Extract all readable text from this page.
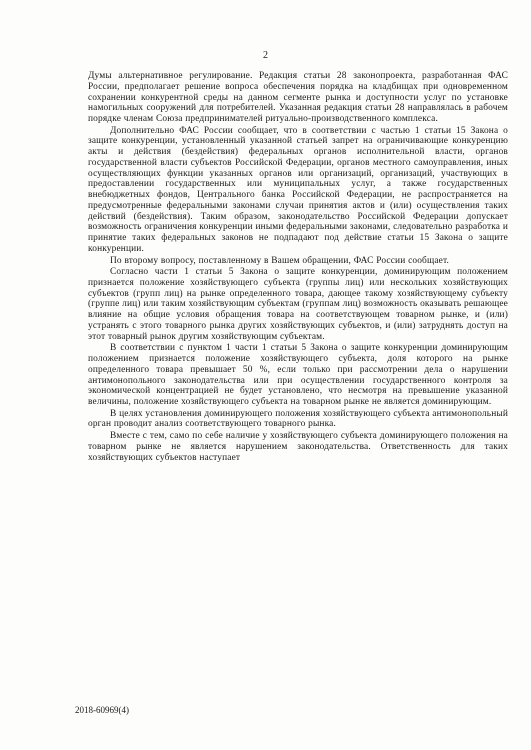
2

Думы альтернативное регулирование. Редакция статьи 28 законопроекта, разработанная ФАС России, предполагает решение вопроса обеспечения порядка на кладбищах при одновременном сохранении конкурентной среды на данном сегменте рынка и доступности услуг по установке намогильных сооружений для потребителей. Указанная редакция статьи 28 направлялась в рабочем порядке членам Союза предпринимателей ритуально-производственного комплекса.

Дополнительно ФАС России сообщает, что в соответствии с частью 1 статьи 15 Закона о защите конкуренции, установленный указанной статьей запрет на ограничивающие конкуренцию акты и действия (бездействия) федеральных органов исполнительной власти, органов государственной власти субъектов Российской Федерации, органов местного самоуправления, иных осуществляющих функции указанных органов или организаций, организаций, участвующих в предоставлении государственных или муниципальных услуг, а также государственных внебюджетных фондов, Центрального банка Российской Федерации, не распространяется на предусмотренные федеральными законами случаи принятия актов и (или) осуществления таких действий (бездействия). Таким образом, законодательство Российской Федерации допускает возможность ограничения конкуренции иными федеральными законами, следовательно разработка и принятие таких федеральных законов не подпадают под действие статьи 15 Закона о защите конкуренции.

По второму вопросу, поставленному в Вашем обращении, ФАС России сообщает.

Согласно части 1 статьи 5 Закона о защите конкуренции, доминирующим положением признается положение хозяйствующего субъекта (группы лиц) или нескольких хозяйствующих субъектов (групп лиц) на рынке определенного товара, дающее такому хозяйствующему субъекту (группе лиц) или таким хозяйствующим субъектам (группам лиц) возможность оказывать решающее влияние на общие условия обращения товара на соответствующем товарном рынке, и (или) устранять с этого товарного рынка других хозяйствующих субъектов, и (или) затруднять доступ на этот товарный рынок другим хозяйствующим субъектам.

В соответствии с пунктом 1 части 1 статьи 5 Закона о защите конкуренции доминирующим положением признается положение хозяйствующего субъекта, доля которого на рынке определенного товара превышает 50 %, если только при рассмотрении дела о нарушении антимонопольного законодательства или при осуществлении государственного контроля за экономической концентрацией не будет установлено, что несмотря на превышение указанной величины, положение хозяйствующего субъекта на товарном рынке не является доминирующим.

В целях установления доминирующего положения хозяйствующего субъекта антимонопольный орган проводит анализ соответствующего товарного рынка.

Вместе с тем, само по себе наличие у хозяйствующего субъекта доминирующего положения на товарном рынке не является нарушением законодательства. Ответственность для таких хозяйствующих субъектов наступает

2018-60969(4)
